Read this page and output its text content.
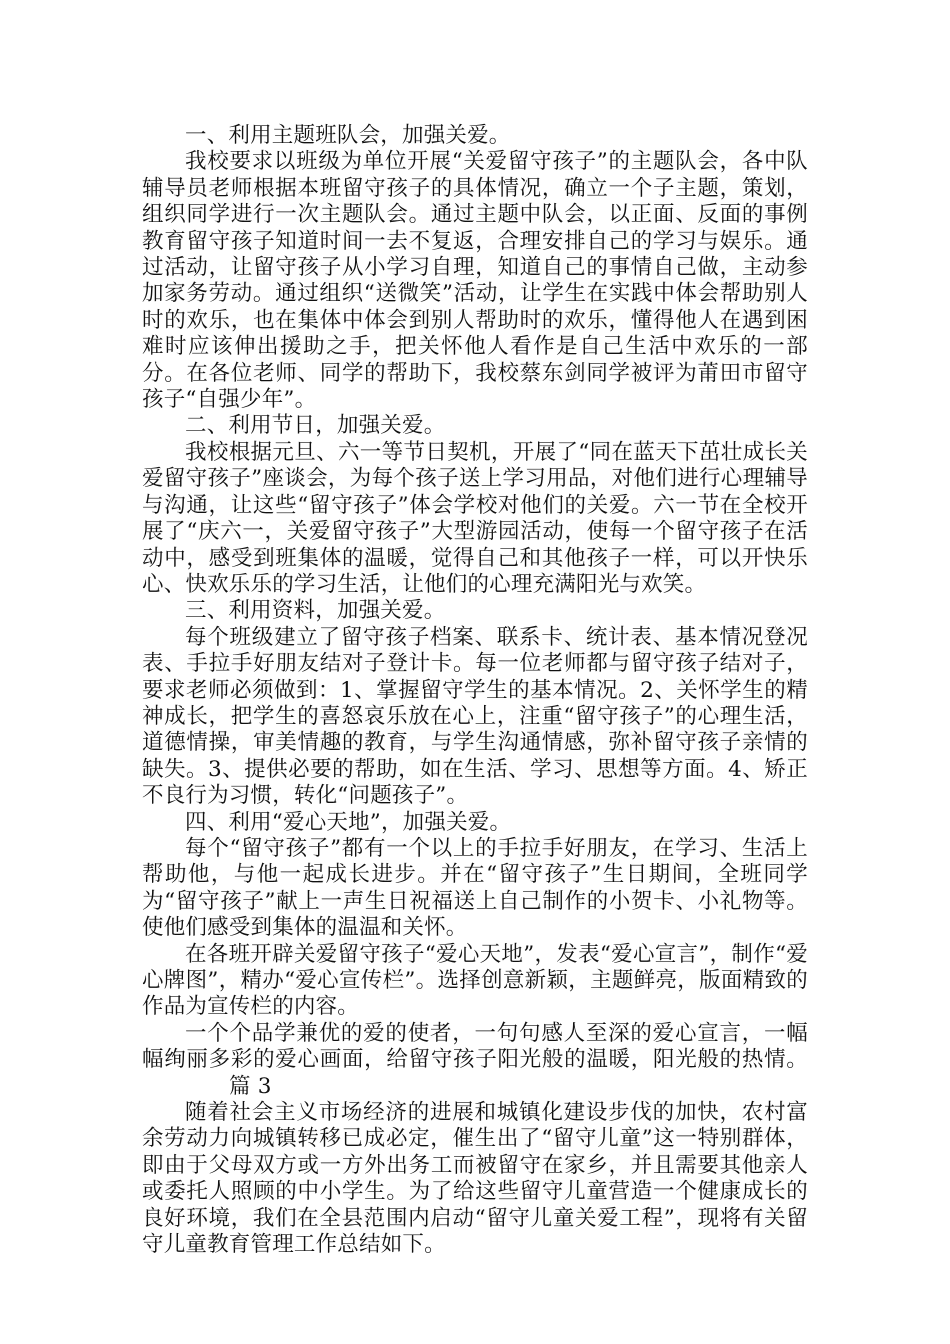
一、利用主题班队会，加强关爱。

我校要求以班级为单位开展“关爱留守孩子”的主题队会，各中队辅导员老师根据本班留守孩子的具体情况，确立一个子主题，策划，组织同学进行一次主题队会。通过主题中队会，以正面、反面的事例教育留守孩子知道时间一去不复返，合理安排自己的学习与娱乐。通过活动，让留守孩子从小学习自理，知道自己的事情自己做，主动参加家务劳动。通过组织“送微笑”活动，让学生在实践中体会帮助别人时的欢乐，也在集体中体会到别人帮助时的欢乐，懂得他人在遇到困难时应该伸出援助之手，把关怀他人看作是自己生活中欢乐的一部分。在各位老师、同学的帮助下，我校蔡东剑同学被评为莆田市留守孩子“自强少年”。

二、利用节日，加强关爱。

我校根据元旦、六一等节日契机，开展了“同在蓝天下茁壮成长关爱留守孩子”座谈会，为每个孩子送上学习用品，对他们进行心理辅导与沟通，让这些“留守孩子”体会学校对他们的关爱。六一节在全校开展了“庆六一，关爱留守孩子”大型游园活动，使每一个留守孩子在活动中，感受到班集体的温暖，觉得自己和其他孩子一样，可以开快乐心、快欢乐乐的学习生活，让他们的心理充满阳光与欢笑。

三、利用资料，加强关爱。

每个班级建立了留守孩子档案、联系卡、统计表、基本情况登况表、手拉手好朋友结对子登计卡。每一位老师都与留守孩子结对子，要求老师必须做到：1、掌握留守学生的基本情况。2、关怀学生的精神成长，把学生的喜怒哀乐放在心上，注重“留守孩子”的心理生活，道德情操，审美情趣的教育，与学生沟通情感，弥补留守孩子亲情的缺失。3、提供必要的帮助，如在生活、学习、思想等方面。4、矫正不良行为习惯，转化“问题孩子”。

四、利用“爱心天地”，加强关爱。

每个“留守孩子”都有一个以上的手拉手好朋友，在学习、生活上帮助他，与他一起成长进步。并在“留守孩子”生日期间，全班同学为“留守孩子”献上一声生日祝福送上自己制作的小贺卡、小礼物等。使他们感受到集体的温温和关怀。

在各班开辟关爱留守孩子“爱心天地”，发表“爱心宣言”，制作“爱心牌图”，精办“爱心宣传栏”。选择创意新颖，主题鲜亮，版面精致的作品为宣传栏的内容。

一个个品学兼优的爱的使者，一句句感人至深的爱心宣言，一幅幅绚丽多彩的爱心画面，给留守孩子阳光般的温暖，阳光般的热情。篇 3

随着社会主义市场经济的进展和城镇化建设步伐的加快，农村富余劳动力向城镇转移已成必定，催生出了“留守儿童”这一特别群体，即由于父母双方或一方外出务工而被留守在家乡，并且需要其他亲人或委托人照顾的中小学生。为了给这些留守儿童营造一个健康成长的良好环境，我们在全县范围内启动“留守儿童关爱工程”，现将有关留守儿童教育管理工作总结如下。
